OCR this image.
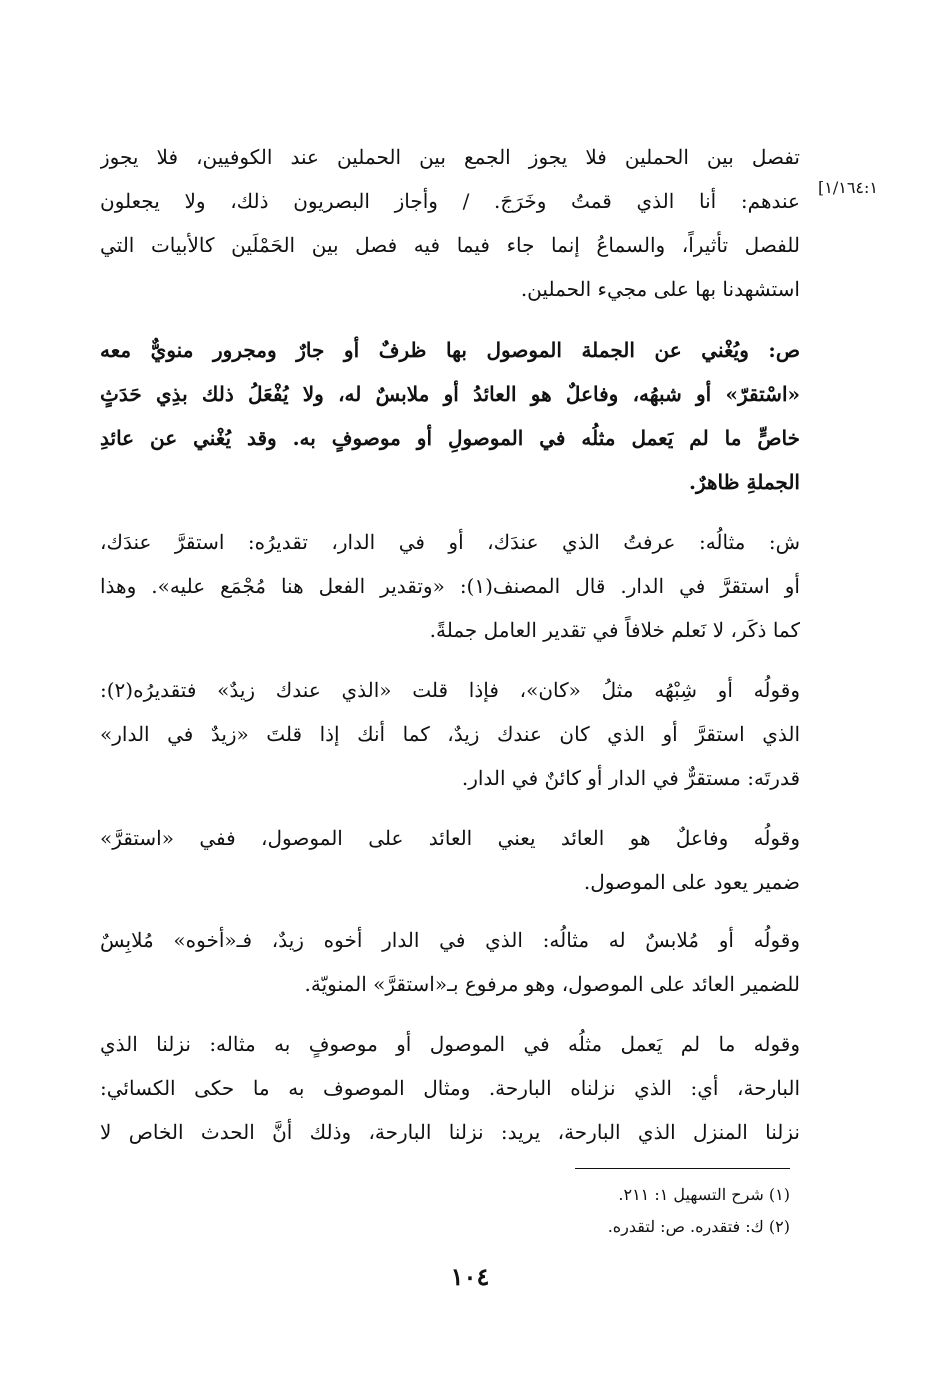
[١/١٦٤:١
تفصل بين الحملين فلا يجوز الجمع بين الحملين عند الكوفيين، فلا يجوز
عندهم: أنا الذي قمتُ وخَرَجَ. / وأجاز البصريون ذلك، ولا يجعلون
للفصل تأثيراً، والسماعُ إنما جاء فيما فيه فصل بين الحَمْلَين كالأبيات التي
استشهدنا بها على مجيء الحملين.
ص: ويُغْني عن الجملة الموصول بها ظرفٌ أو جارٌ ومجرور منويٌّ معه
«اسْتقرّ» أو شبهُه، وفاعلٌ هو العائدُ أو ملابسٌ له، ولا يُفْعَلُ ذلك بذِي حَدَثٍ
خاصٍّ ما لم يَعمل مثلُه في الموصولِ أو موصوفٍ به. وقد يُغْني عن عائدِ
الجملةِ ظاهرٌ.
ش: مثالُه: عرفتُ الذي عندَك، أو في الدار، تقديرُه: استقرَّ عندَك،
أو استقرَّ في الدار. قال المصنف(١): «وتقدير الفعل هنا مُجْمَع عليه». وهذا
كما ذكَر، لا نَعلم خلافاً في تقدير العامل جملةً.
وقولُه أو شِبْهُه مثلُ «كان»، فإذا قلت «الذي عندك زيدٌ» فتقديرُه(٢):
الذي استقرَّ أو الذي كان عندك زيدٌ، كما أنك إذا قلتَ «زيدٌ في الدار»
قدرتَه: مستقرٌّ في الدار أو كائنٌ في الدار.
وقولُه وفاعلٌ هو العائد يعني العائد على الموصول، ففي «استقرَّ»
ضمير يعود على الموصول.
وقولُه أو مُلابسٌ له مثالُه: الذي في الدار أخوه زيدٌ، فـ«أخوه» مُلابِسٌ
للضمير العائد على الموصول، وهو مرفوع بـ«استقرَّ» المنويّة.
وقوله ما لم يَعمل مثلُه في الموصول أو موصوفٍ به مثاله: نزلنا الذي
البارحة، أي: الذي نزلناه البارحة. ومثال الموصوف به ما حكى الكسائي:
نزلنا المنزل الذي البارحة، يريد: نزلنا البارحة، وذلك أنَّ الحدث الخاص لا
(١) شرح التسهيل ١: ٢١١.
(٢) ك: فتقدره. ص: لتقدره.
١٠٤
